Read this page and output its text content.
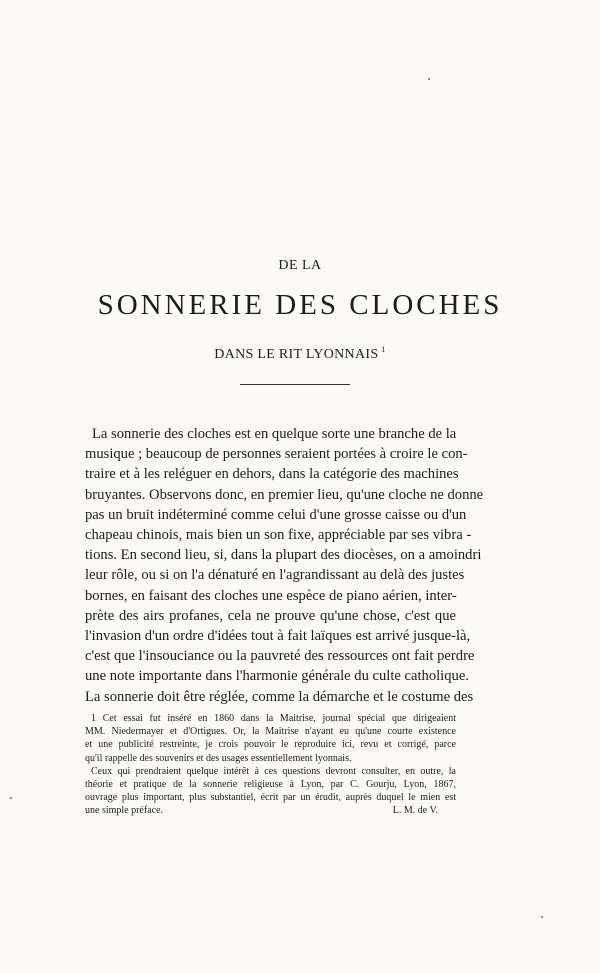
DE LA
SONNERIE DES CLOCHES
DANS LE RIT LYONNAIS $^1$
La sonnerie des cloches est en quelque sorte une branche de la
musique ; beaucoup de personnes seraient portées à croire le con-
traire et à les reléguer en dehors, dans la catégorie des machines
bruyantes. Observons donc, en premier lieu, qu'une cloche ne donne
pas un bruit indéterminé comme celui d'une grosse caisse ou d'un
chapeau chinois, mais bien un son fixe, appréciable par ses vibra -
tions. En second lieu, si, dans la plupart des diocèses, on a amoindri
leur rôle, ou si on l'a dénaturé en l'agrandissant au delà des justes
bornes, en faisant des cloches une espèce de piano aérien, inter-
prète des airs profanes, cela ne prouve qu'une chose, c'est que
l'invasion d'un ordre d'idées tout à fait laïques est arrivé jusque-là,
c'est que l'insouciance ou la pauvreté des ressources ont fait perdre
une note importante dans l'harmonie générale du culte catholique.
La sonnerie doit être réglée, comme la démarche et le costume des
1 Cet essai fut inséré en 1860 dans la Maitrise, journal spécial que dirigeaient
MM. Niedermayer et d'Ortigues. Or, la Maitrise n'ayant eu qu'une courte existence
et une publicité restreinte, je crois pouvoir le reproduire ici, revu et corrigé, parce
qu'il rappelle des souvenirs et des usages essentiellement lyonnais.
Ceux qui prendraient quelque intérêt à ces questions devront consulter, en outre, la
théorie et pratique de la sonnerie religieuse à Lyon, par C. Gourju, Lyon, 1867,
ouvrage plus important, plus substantiel, écrit par un érudit, auprès duquel le mien est
une simple préface.	L. M. de V.
